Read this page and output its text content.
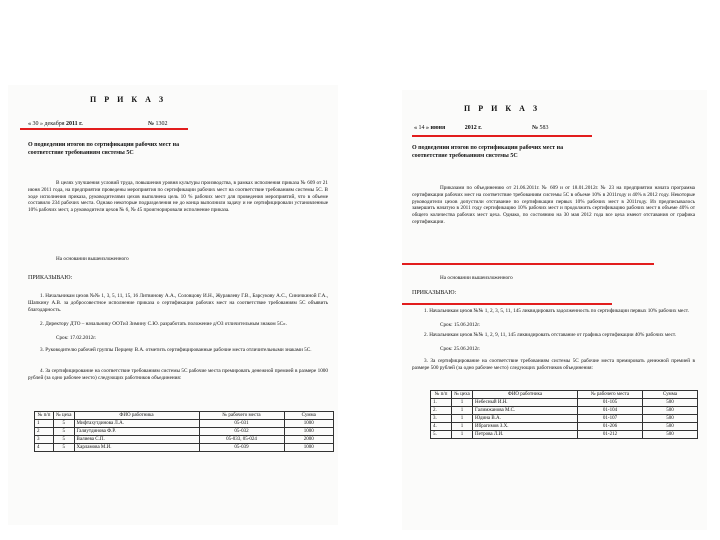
П Р И К А З
« 30 » декабря 2011 г.	№ 1302
О подведении итогов по сертификации рабочих мест на соответствие требованиям системы 5С
В целях улучшения условий труда, повышения уровня культуры производства, в рамках исполнения приказа № 609 от 21 июня 2011 года, на предприятии проведены мероприятия по сертификации рабочих мест на соответствие требованиям системы 5С. В ходе исполнения приказа, руководителями цехов выполнена цель 10 % рабочих мест для проведения мероприятий, что в объеме составило 234 рабочих места. Однако некоторые подразделения не до конца выполнили задачу и не сертифицировали установленные 10% рабочих мест, а руководители цехов № 6, № 45 проигнорировали исполнение приказа.
На основании вышеизложенного
ПРИКАЗЫВАЮ:
1. Начальникам цехов №№ 1, 3, 5, 11, 15, 16 Литвинову А.А., Соловцову И.Н., Журавлеву Г.В., Барсукову А.С., Синичкиной Г.А., Шапкину А.В. за добросовестное исполнение приказа о сертификации рабочих мест на соответствие требованиям 5С объявить благодарность.
2. Директору ДТО – начальнику ООТиЗ Зимину С.Ю. разработать положение д/ОЗ отличительным знаком 5С».
Срок: 17.02.2012г.
3. Руководителю рабочей группы Перцеву В.А. отметить сертифицированные рабочие места отличительными знаками 5С.
4. За сертифицирование на соответствие требованиям системы 5С рабочие места премировать денежной премией в размере 1000 рублей (за одно рабочее место) следующих работников объединения:
№ п/п	№ цеха	ФИО работника	№ рабочего места	Сумма
1	5	Мифтахутдинова Л.А.	05-031	1000
2	5	Галяутдинова Ф.Р.	05-032	1000
3	5	Валиева С.П.	05-033, 05-024	2000
4	5	Харламова М.И.	05-039	1000
П Р И К А З
« 14 » июня	2012 г.	№ 583
О подведении итогов по сертификации рабочих мест на соответствие требованиям системы 5С
Приказами по объединению от 21.06.2011г. № 609 и от 18.01.2012г. № 23 на предприятии начата программа сертификации рабочих мест на соответствие требованиям системы 5С в объеме 10% в 2011году и 40% в 2012 году. Некоторые руководители цехов допустили отставание по сертификации первых 10% рабочих мест в 2011году. Из предписывалось завершить начатую в 2011 году сертификацию 10% рабочих мест и продолжить сертификацию рабочих мест в объеме 40% от общего количества рабочих мест цеха. Однако, по состоянию на 30 мая 2012 года все цеха имеют отставания от графика сертификации.
На основании вышеизложенного
ПРИКАЗЫВАЮ:
1. Начальникам цехов №№ 1, 2, 3, 5, 11, 145 ликвидировать задолженность по сертификации первых 10% рабочих мест.
Срок: 15.06.2012г.
2. Начальникам цехов №№ 1, 2, 9, 11, 145 ликвидировать отставание от графика сертификации 40% рабочих мест.
Срок: 25.06.2012г.
3. За сертифицирование на соответствие требованиям системы 5С рабочие места премировать денежной премией в размере 500 рублей (за одно рабочее место) следующих работников объединения:
№ п/п	№ цеха	ФИО работника	№ рабочего места	Сумма
1.	1	Небесный И.Н.	01-105	500
2.	1	Галимжанова М.С.	01-104	500
3.	1	Юдина В.А.	01-107	500
4.	1	Ибрагимов З.Х.	01-206	500
5.	1	Петрова Л.И.	01-212	500
